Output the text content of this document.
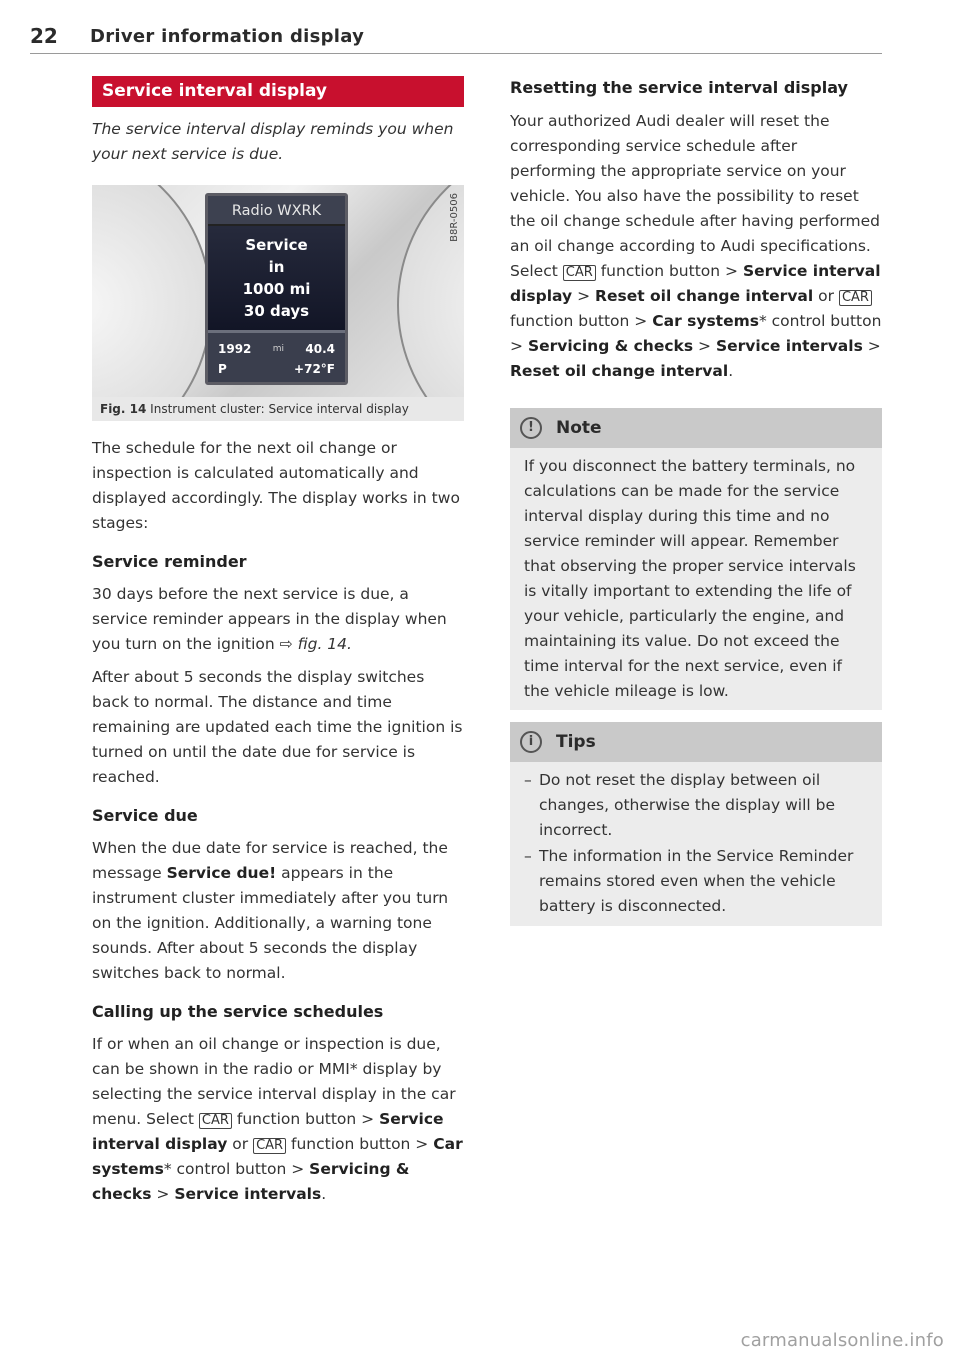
22 Driver information display
Service interval display
The service interval display reminds you when your next service is due.
Radio WXRK
Service
in
1000 mi
30 days
1992 mi 40.4
P	+72°F
B8R-0506
Fig. 14 Instrument cluster: Service interval display
The schedule for the next oil change or inspection is calculated automatically and displayed accordingly. The display works in two stages:
Service reminder
30 days before the next service is due, a service reminder appears in the display when you turn on the ignition ⇨ fig. 14.
After about 5 seconds the display switches back to normal. The distance and time remaining are updated each time the ignition is turned on until the date due for service is reached.
Service due
When the due date for service is reached, the message Service due! appears in the instrument cluster immediately after you turn on the ignition. Additionally, a warning tone sounds. After about 5 seconds the display switches back to normal.
Calling up the service schedules
If or when an oil change or inspection is due, can be shown in the radio or MMI* display by selecting the service interval display in the car menu. Select CAR function button > Service interval display or CAR function button > Car systems* control button > Servicing & checks > Service intervals.
Resetting the service interval display
Your authorized Audi dealer will reset the corresponding service schedule after performing the appropriate service on your vehicle. You also have the possibility to reset the oil change schedule after having performed an oil change according to Audi specifications. Select CAR function button > Service interval display > Reset oil change interval or CAR function button > Car systems* control button > Servicing & checks > Service intervals > Reset oil change interval.
!	Note
If you disconnect the battery terminals, no calculations can be made for the service interval display during this time and no service reminder will appear. Remember that observing the proper service intervals is vitally important to extending the life of your vehicle, particularly the engine, and maintaining its value. Do not exceed the time interval for the next service, even if the vehicle mileage is low.
i	Tips
– Do not reset the display between oil changes, otherwise the display will be incorrect.
– The information in the Service Reminder remains stored even when the vehicle battery is disconnected.
carmanualsonline.info
